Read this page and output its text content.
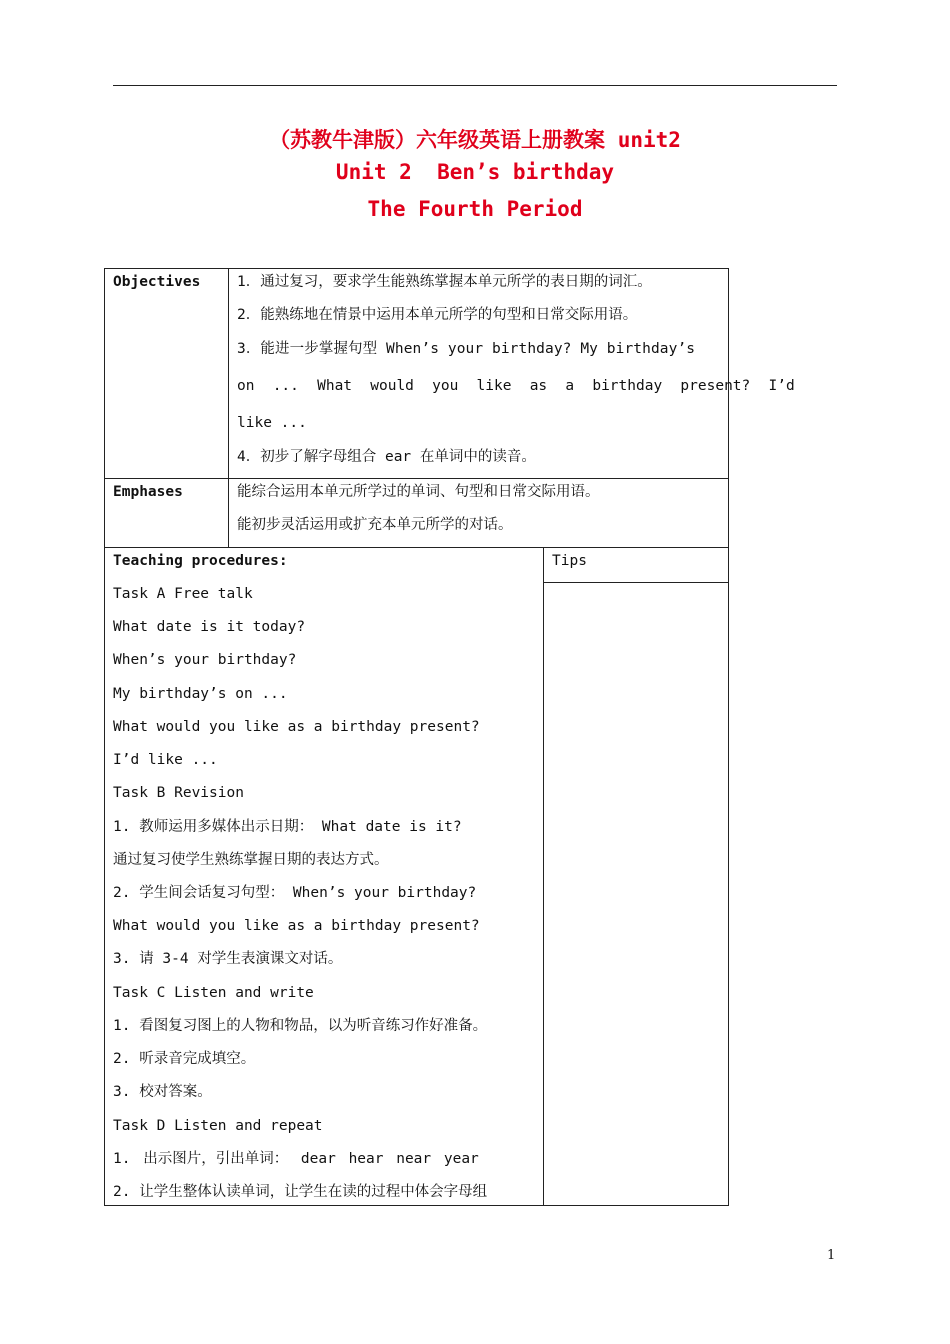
（苏教牛津版）六年级英语上册教案 unit2
Unit 2  Ben’s birthday
The Fourth Period
Objectives	1．通过复习，要求学生能熟练掌握本单元所学的表日期的词汇。
2．能熟练地在情景中运用本单元所学的句型和日常交际用语。
3．能进一步掌握句型 When’s your birthday? My birthday’s
on ... What would you like as a birthday present? I’d
like ...
4．初步了解字母组合 ear 在单词中的读音。
Emphases	能综合运用本单元所学过的单词、句型和日常交际用语。
能初步灵活运用或扩充本单元所学的对话。
Teaching procedures:	Tips
Task A Free talk
What date is it today?
When’s your birthday?
My birthday’s on ...
What would you like as a birthday present?
I’d like ...
Task B Revision
1. 教师运用多媒体出示日期： What date is it?
通过复习使学生熟练掌握日期的表达方式。
2. 学生间会话复习句型： When’s your birthday?
What would you like as a birthday present?
3. 请 3-4 对学生表演课文对话。
Task C Listen and write
1. 看图复习图上的人物和物品，以为听音练习作好准备。
2. 听录音完成填空。
3. 校对答案。
Task D Listen and repeat
1. 出示图片，引出单词： dear hear near year
2. 让学生整体认读单词，让学生在读的过程中体会字母组
1
